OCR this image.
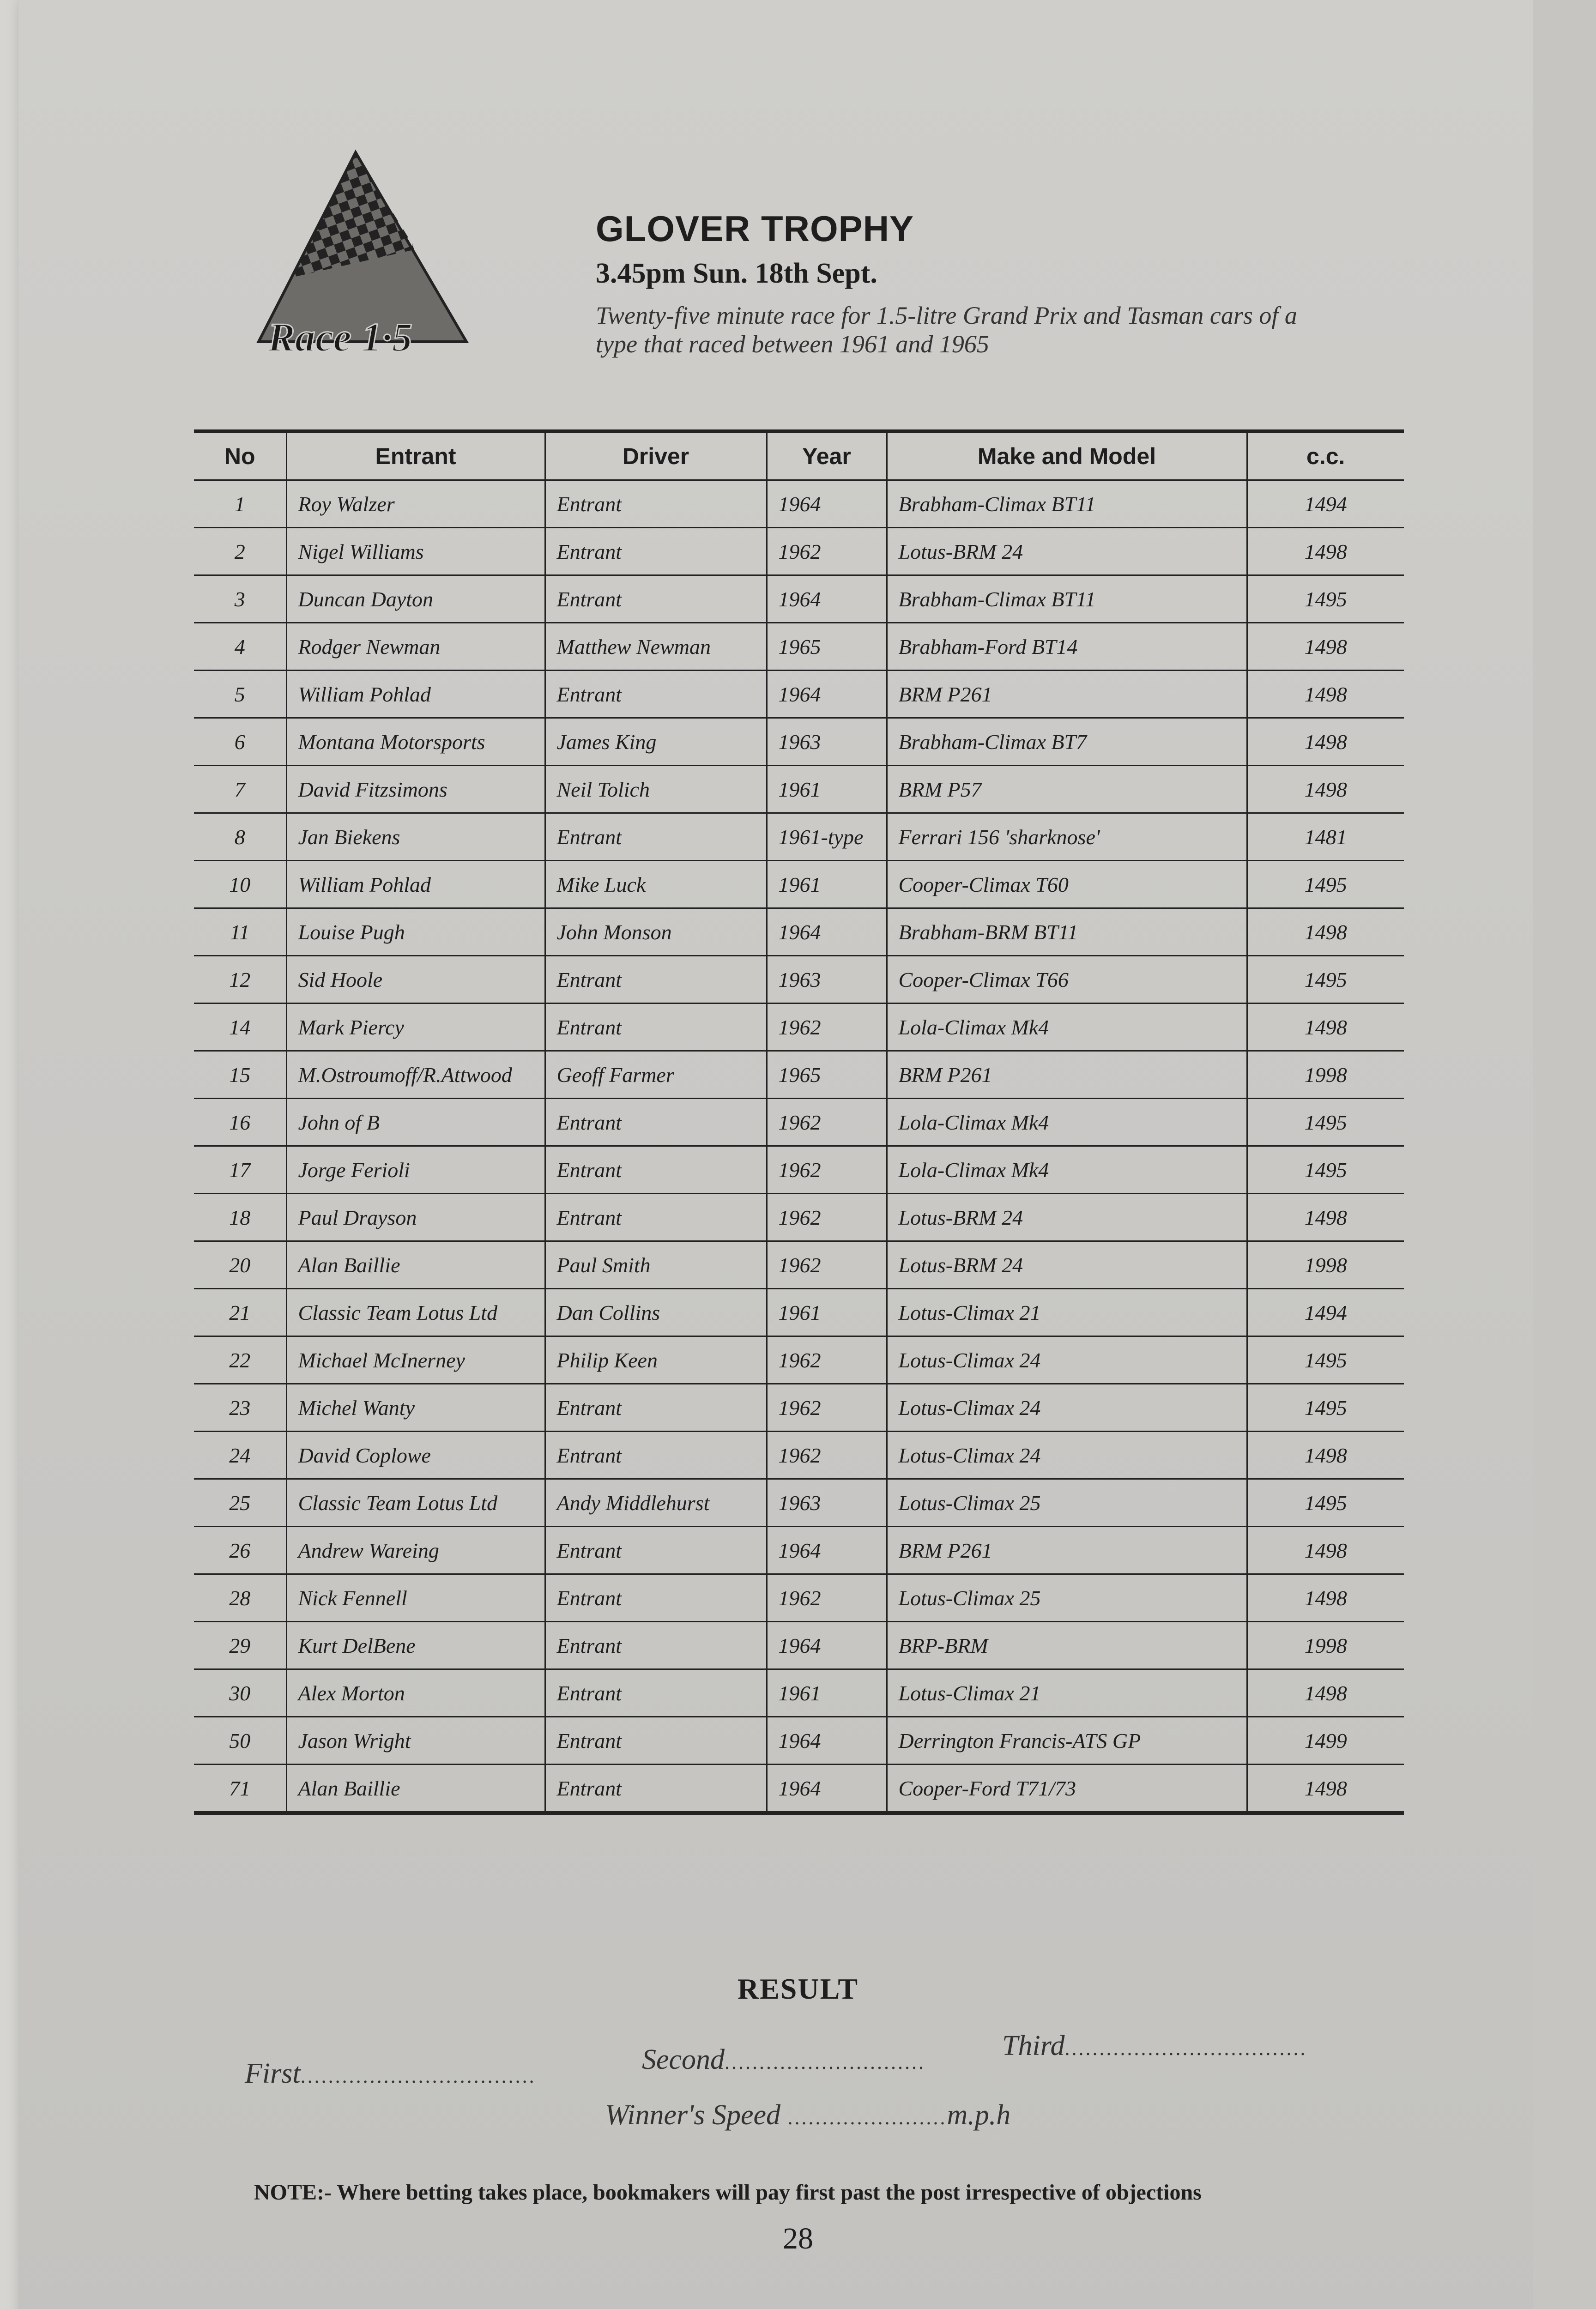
Race 1·5
GLOVER TROPHY
3.45pm Sun. 18th Sept.
Twenty-five minute race for 1.5-litre Grand Prix and Tasman cars of a type that raced between 1961 and 1965
No	Entrant	Driver	Year	Make and Model	c.c.
1	Roy Walzer	Entrant	1964	Brabham-Climax BT11	1494
2	Nigel Williams	Entrant	1962	Lotus-BRM 24	1498
3	Duncan Dayton	Entrant	1964	Brabham-Climax BT11	1495
4	Rodger Newman	Matthew Newman	1965	Brabham-Ford BT14	1498
5	William Pohlad	Entrant	1964	BRM P261	1498
6	Montana Motorsports	James King	1963	Brabham-Climax BT7	1498
7	David Fitzsimons	Neil Tolich	1961	BRM P57	1498
8	Jan Biekens	Entrant	1961-type	Ferrari 156 'sharknose'	1481
10	William Pohlad	Mike Luck	1961	Cooper-Climax T60	1495
11	Louise Pugh	John Monson	1964	Brabham-BRM BT11	1498
12	Sid Hoole	Entrant	1963	Cooper-Climax T66	1495
14	Mark Piercy	Entrant	1962	Lola-Climax Mk4	1498
15	M.Ostroumoff/R.Attwood	Geoff Farmer	1965	BRM P261	1998
16	John of B	Entrant	1962	Lola-Climax Mk4	1495
17	Jorge Ferioli	Entrant	1962	Lola-Climax Mk4	1495
18	Paul Drayson	Entrant	1962	Lotus-BRM 24	1498
20	Alan Baillie	Paul Smith	1962	Lotus-BRM 24	1998
21	Classic Team Lotus Ltd	Dan Collins	1961	Lotus-Climax 21	1494
22	Michael McInerney	Philip Keen	1962	Lotus-Climax 24	1495
23	Michel Wanty	Entrant	1962	Lotus-Climax 24	1495
24	David Coplowe	Entrant	1962	Lotus-Climax 24	1498
25	Classic Team Lotus Ltd	Andy Middlehurst	1963	Lotus-Climax 25	1495
26	Andrew Wareing	Entrant	1964	BRM P261	1498
28	Nick Fennell	Entrant	1962	Lotus-Climax 25	1498
29	Kurt DelBene	Entrant	1964	BRP-BRM	1998
30	Alex Morton	Entrant	1961	Lotus-Climax 21	1498
50	Jason Wright	Entrant	1964	Derrington Francis-ATS GP	1499
71	Alan Baillie	Entrant	1964	Cooper-Ford T71/73	1498
RESULT
First..................................
Second.............................
Third...................................
Winner's Speed .......................m.p.h
NOTE:- Where betting takes place, bookmakers will pay first past the post irrespective of objections
28
